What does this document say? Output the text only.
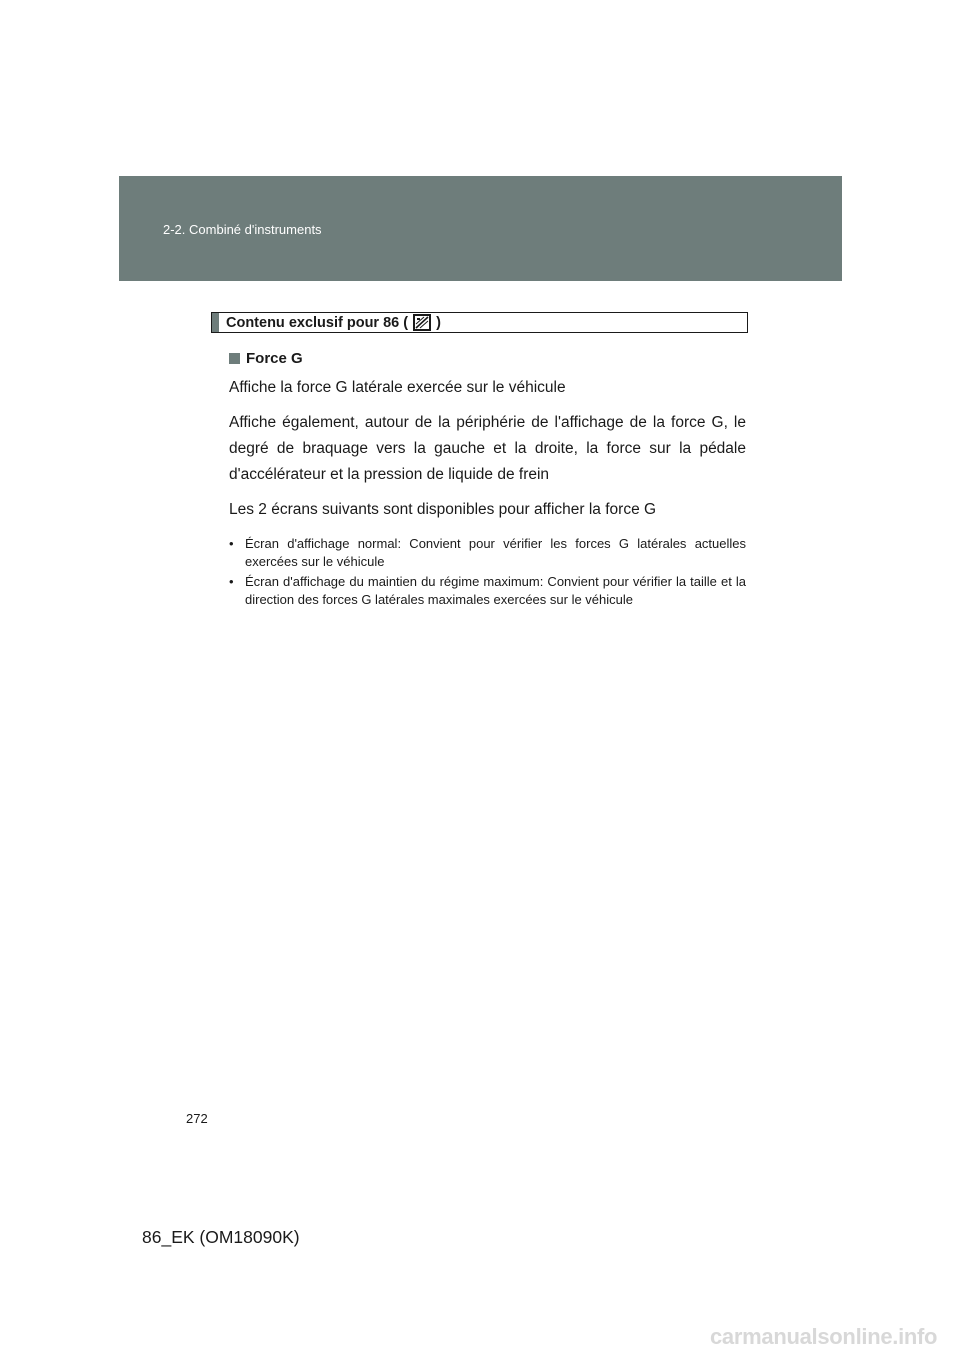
2-2. Combiné d'instruments
Contenu exclusif pour 86 ( )
Force G

Affiche la force G latérale exercée sur le véhicule

Affiche également, autour de la périphérie de l'affichage de la force G, le degré de braquage vers la gauche et la droite, la force sur la pédale d'accélérateur et la pression de liquide de frein

Les 2 écrans suivants sont disponibles pour afficher la force G

• Écran d'affichage normal: Convient pour vérifier les forces G latérales actuelles exercées sur le véhicule
• Écran d'affichage du maintien du régime maximum: Convient pour vérifier la taille et la direction des forces G latérales maximales exercées sur le véhicule
272
86_EK (OM18090K)
carmanualsonline.info
